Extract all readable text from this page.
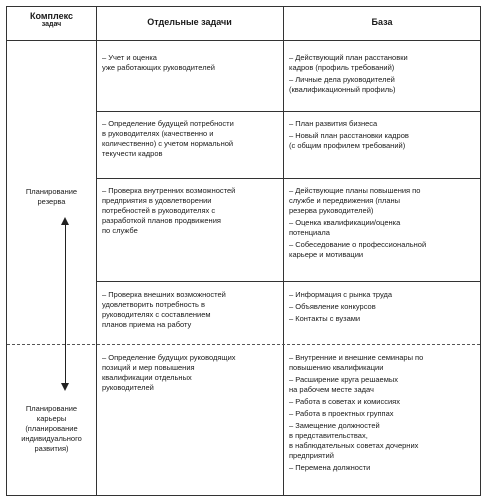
Комплекс
задач	Отдельные задачи	База
Планирование
резерва
Планирование
карьеры
(планирование
индивидуального
развития)
– Учет и оценка
уже работающих руководителей

– Действующий план расстановки
кадров (профиль требований)

– Личные дела руководителей
(квалификационный профиль)

– Определение будущей потребности
в руководителях (качественно и
количественно) с учетом нормальной
текучести кадров

– План развития бизнеса

– Новый план расстановки кадров
(с общим профилем требований)

– Проверка внутренних возможностей
предприятия в удовлетворении
потребностей в руководителях с
разработкой планов продвижения
по службе

– Действующие планы повышения по
службе и передвижения (планы
резерва руководителей)

– Оценка квалификации/оценка
потенциала

– Собеседование о профессиональной
карьере и мотивации

– Проверка внешних возможностей
удовлетворить потребность в
руководителях с составлением
планов приема на работу

– Информация с рынка труда

– Объявление конкурсов

– Контакты с вузами

– Определение будущих руководящих
позиций и мер повышения
квалификации отдельных
руководителей

– Внутренние и внешние семинары по
повышению квалификации

– Расширение круга решаемых
на рабочем месте задач

– Работа в советах и комиссиях

– Работа в проектных группах

– Замещение должностей
в представительствах,
в наблюдательных советах дочерних
предприятий

– Перемена должности
